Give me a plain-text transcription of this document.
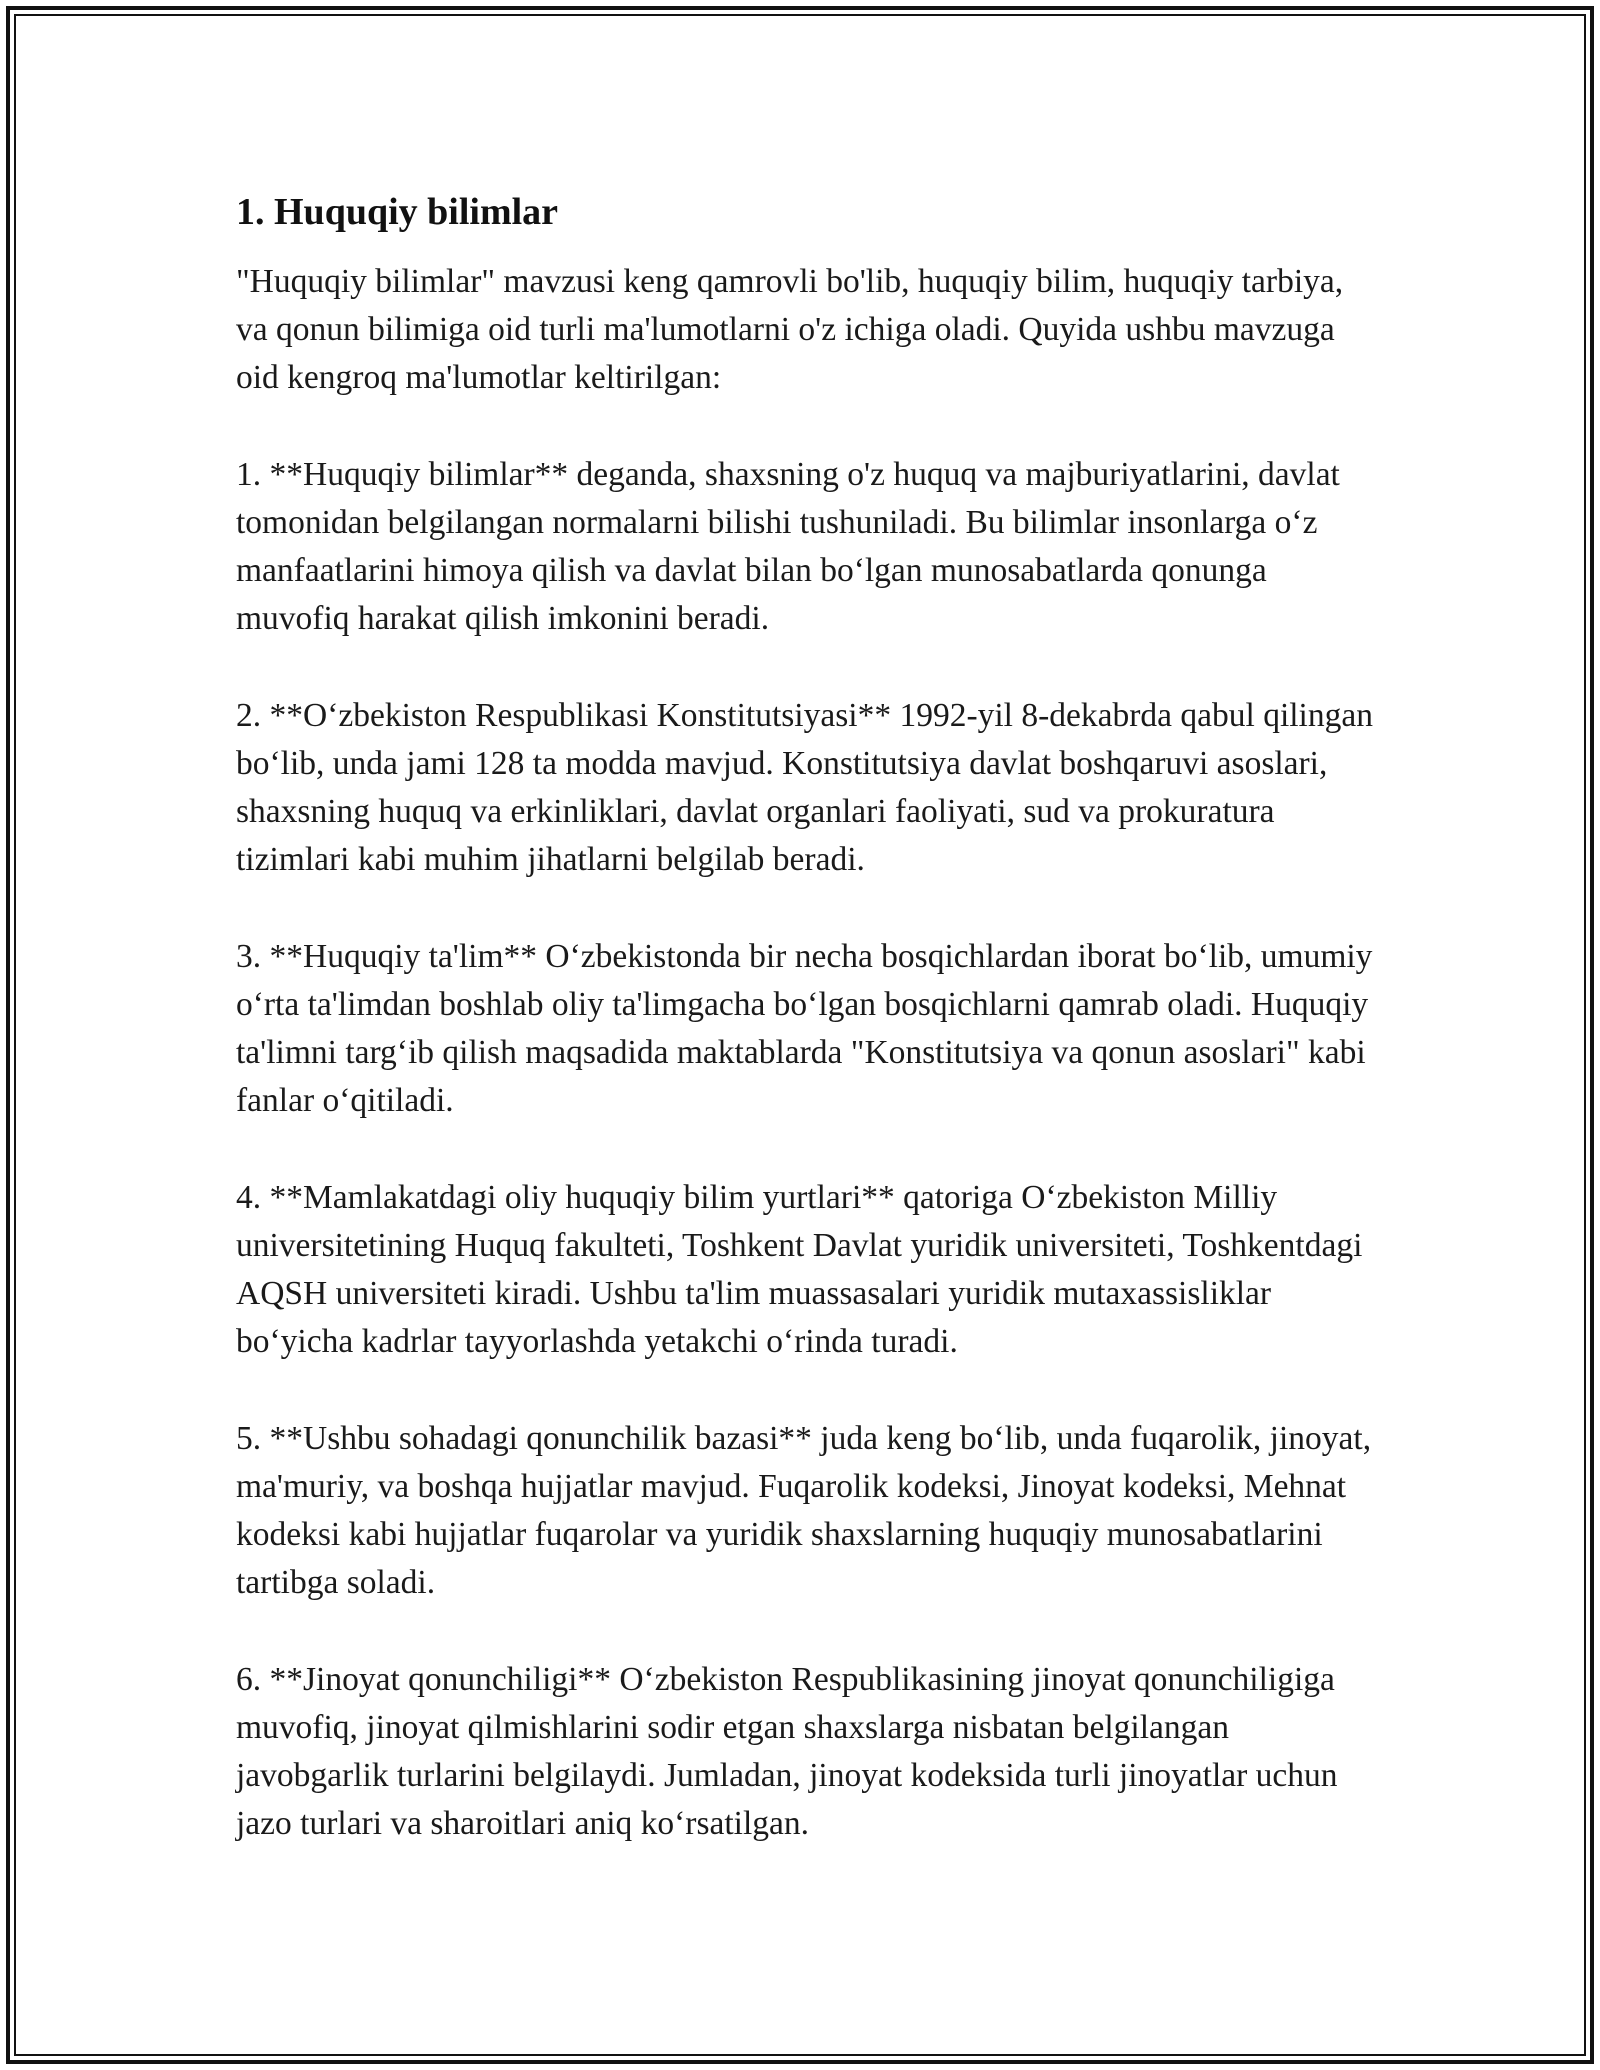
1. Huquqiy bilimlar

"Huquqiy bilimlar" mavzusi keng qamrovli bo'lib, huquqiy bilim, huquqiy tarbiya, va qonun bilimiga oid turli ma'lumotlarni o'z ichiga oladi. Quyida ushbu mavzuga oid kengroq ma'lumotlar keltirilgan:

1. **Huquqiy bilimlar** deganda, shaxsning o'z huquq va majburiyatlarini, davlat tomonidan belgilangan normalarni bilishi tushuniladi. Bu bilimlar insonlarga o‘z manfaatlarini himoya qilish va davlat bilan bo‘lgan munosabatlarda qonunga muvofiq harakat qilish imkonini beradi.

2. **O‘zbekiston Respublikasi Konstitutsiyasi** 1992-yil 8-dekabrda qabul qilingan bo‘lib, unda jami 128 ta modda mavjud. Konstitutsiya davlat boshqaruvi asoslari, shaxsning huquq va erkinliklari, davlat organlari faoliyati, sud va prokuratura tizimlari kabi muhim jihatlarni belgilab beradi.

3. **Huquqiy ta'lim** O‘zbekistonda bir necha bosqichlardan iborat bo‘lib, umumiy o‘rta ta'limdan boshlab oliy ta'limgacha bo‘lgan bosqichlarni qamrab oladi. Huquqiy ta'limni targ‘ib qilish maqsadida maktablarda "Konstitutsiya va qonun asoslari" kabi fanlar o‘qitiladi.

4. **Mamlakatdagi oliy huquqiy bilim yurtlari** qatoriga O‘zbekiston Milliy universitetining Huquq fakulteti, Toshkent Davlat yuridik universiteti, Toshkentdagi AQSH universiteti kiradi. Ushbu ta'lim muassasalari yuridik mutaxassisliklar bo‘yicha kadrlar tayyorlashda yetakchi o‘rinda turadi.

5. **Ushbu sohadagi qonunchilik bazasi** juda keng bo‘lib, unda fuqarolik, jinoyat, ma'muriy, va boshqa hujjatlar mavjud. Fuqarolik kodeksi, Jinoyat kodeksi, Mehnat kodeksi kabi hujjatlar fuqarolar va yuridik shaxslarning huquqiy munosabatlarini tartibga soladi.

6. **Jinoyat qonunchiligi** O‘zbekiston Respublikasining jinoyat qonunchiligiga muvofiq, jinoyat qilmishlarini sodir etgan shaxslarga nisbatan belgilangan javobgarlik turlarini belgilaydi. Jumladan, jinoyat kodeksida turli jinoyatlar uchun jazo turlari va sharoitlari aniq ko‘rsatilgan.
